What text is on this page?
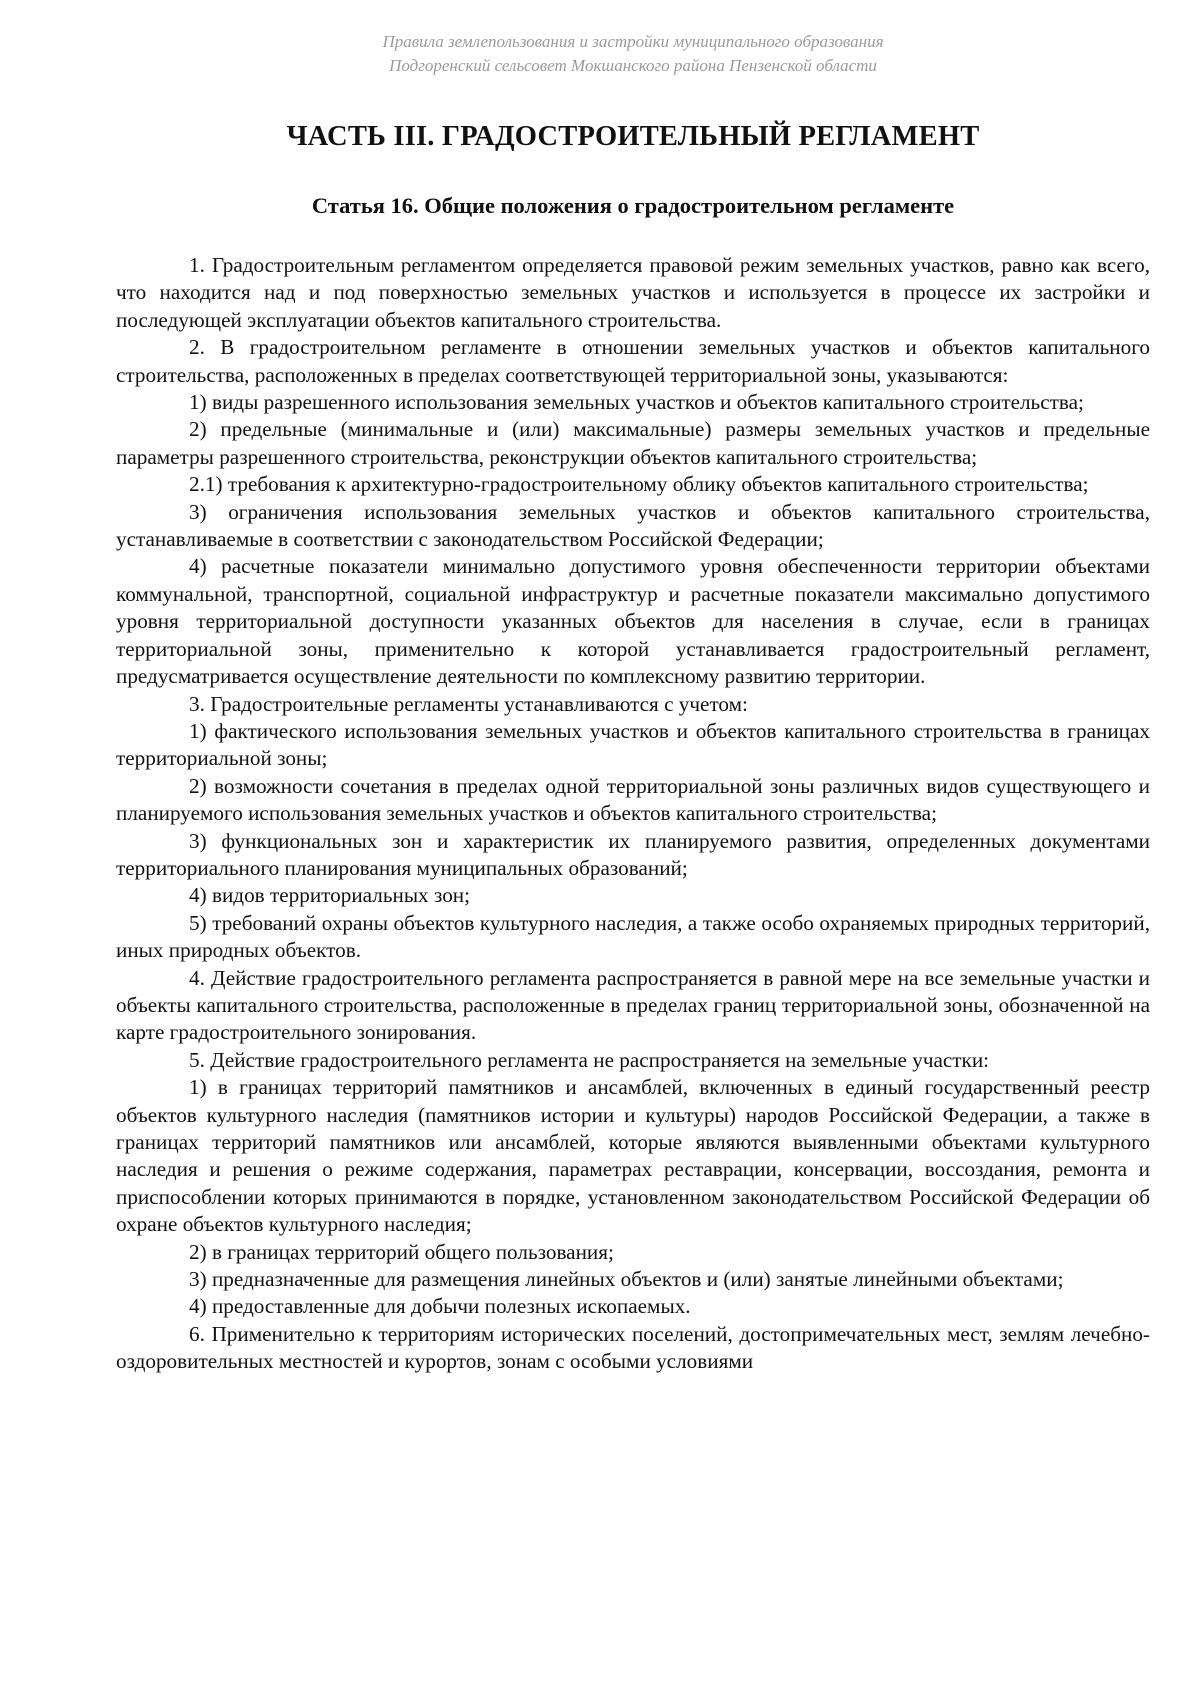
Правила землепользования и застройки муниципального образования
Подгоренский сельсовет Мокшанского района Пензенской области
ЧАСТЬ III. ГРАДОСТРОИТЕЛЬНЫЙ РЕГЛАМЕНТ
Статья 16. Общие положения о градостроительном регламенте

1. Градостроительным регламентом определяется правовой режим земельных участков, равно как всего, что находится над и под поверхностью земельных участков и используется в процессе их застройки и последующей эксплуатации объектов капитального строительства.

2. В градостроительном регламенте в отношении земельных участков и объектов капитального строительства, расположенных в пределах соответствующей территориальной зоны, указываются:

1) виды разрешенного использования земельных участков и объектов капитального строительства;

2) предельные (минимальные и (или) максимальные) размеры земельных участков и предельные параметры разрешенного строительства, реконструкции объектов капитального строительства;

2.1) требования к архитектурно-градостроительному облику объектов капитального строительства;

3) ограничения использования земельных участков и объектов капитального строительства, устанавливаемые в соответствии с законодательством Российской Федерации;

4) расчетные показатели минимально допустимого уровня обеспеченности территории объектами коммунальной, транспортной, социальной инфраструктур и расчетные показатели максимально допустимого уровня территориальной доступности указанных объектов для населения в случае, если в границах территориальной зоны, применительно к которой устанавливается градостроительный регламент, предусматривается осуществление деятельности по комплексному развитию территории.

3. Градостроительные регламенты устанавливаются с учетом:

1) фактического использования земельных участков и объектов капитального строительства в границах территориальной зоны;

2) возможности сочетания в пределах одной территориальной зоны различных видов существующего и планируемого использования земельных участков и объектов капитального строительства;

3) функциональных зон и характеристик их планируемого развития, определенных документами территориального планирования муниципальных образований;

4) видов территориальных зон;

5) требований охраны объектов культурного наследия, а также особо охраняемых природных территорий, иных природных объектов.

4. Действие градостроительного регламента распространяется в равной мере на все земельные участки и объекты капитального строительства, расположенные в пределах границ территориальной зоны, обозначенной на карте градостроительного зонирования.

5. Действие градостроительного регламента не распространяется на земельные участки:

1) в границах территорий памятников и ансамблей, включенных в единый государственный реестр объектов культурного наследия (памятников истории и культуры) народов Российской Федерации, а также в границах территорий памятников или ансамблей, которые являются выявленными объектами культурного наследия и решения о режиме содержания, параметрах реставрации, консервации, воссоздания, ремонта и приспособлении которых принимаются в порядке, установленном законодательством Российской Федерации об охране объектов культурного наследия;

2) в границах территорий общего пользования;

3) предназначенные для размещения линейных объектов и (или) занятые линейными объектами;

4) предоставленные для добычи полезных ископаемых.

6. Применительно к территориям исторических поселений, достопримечательных мест, землям лечебно-оздоровительных местностей и курортов, зонам с особыми условиями
